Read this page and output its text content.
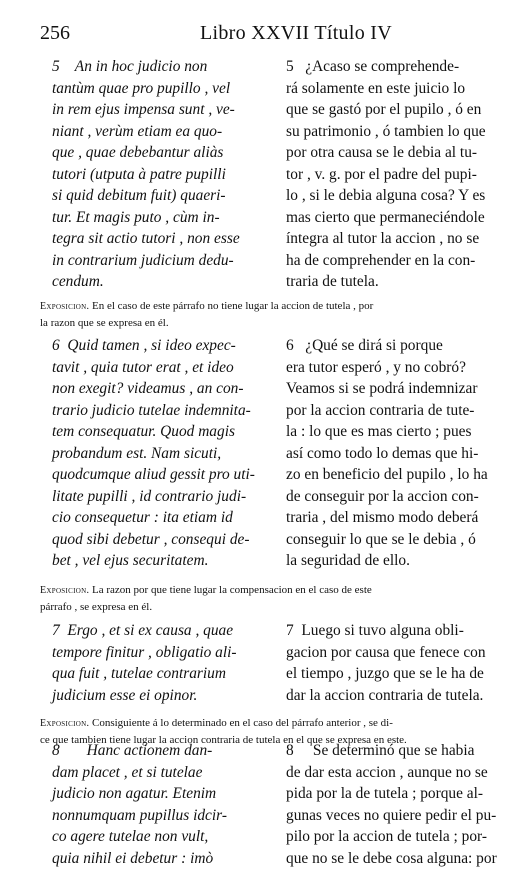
256	Libro XXVII Título IV
5    An in hoc judicio non
tantùm quae pro pupillo , vel
in rem ejus impensa sunt , ve-
niant , verùm etiam ea quo-
que , quae debebantur aliàs
tutori (utputa à patre pupilli
si quid debitum fuit) quaeri-
tur. Et magis puto , cùm in-
tegra sit actio tutori , non esse
in contrarium judicium dedu-
cendum.
5   ¿Acaso se comprehende-
rá solamente en este juicio lo
que se gastó por el pupilo , ó en
su patrimonio , ó tambien lo que
por otra causa se le debia al tu-
tor , v. g. por el padre del pupi-
lo , si le debia alguna cosa? Y es
mas cierto que permaneciéndole
íntegra al tutor la accion , no se
ha de comprehender en la con-
traria de tutela.
Exposicion. En el caso de este párrafo no tiene lugar la accion de tutela , por
la razon que se expresa en él.
6  Quid tamen , si ideo expec-
tavit , quia tutor erat , et ideo
non exegit? videamus , an con-
trario judicio tutelae indemnita-
tem consequatur. Quod magis
probandum est. Nam sicuti,
quodcumque aliud gessit pro uti-
litate pupilli , id contrario judi-
cio consequetur : ita etiam id
quod sibi debetur , consequi de-
bet , vel ejus securitatem.
6   ¿Qué se dirá si porque
era tutor esperó , y no cobró?
Veamos si se podrá indemnizar
por la accion contraria de tute-
la : lo que es mas cierto ; pues
así como todo lo demas que hi-
zo en beneficio del pupilo , lo ha
de conseguir por la accion con-
traria , del mismo modo deberá
conseguir lo que se le debia , ó
la seguridad de ello.
Exposicion. La razon por que tiene lugar la compensacion en el caso de este
párrafo , se expresa en él.
7  Ergo , et si ex causa , quae
tempore finitur , obligatio ali-
qua fuit , tutelae contrarium
judicium esse ei opinor.
7  Luego si tuvo alguna obli-
gacion por causa que fenece con
el tiempo , juzgo que se le ha de
dar la accion contraria de tutela.
Exposicion. Consiguiente á lo determinado en el caso del párrafo anterior , se di-
ce que tambien tiene lugar la accion contraria de tutela en el que se expresa en este.
8       Hanc actionem dan-
dam placet , et si tutelae
judicio non agatur. Etenim
nonnumquam pupillus idcir-
co agere tutelae non vult,
quia nihil ei debetur : imò
8     Se determinó que se habia
de dar esta accion , aunque no se
pida por la de tutela ; porque al-
gunas veces no quiere pedir el pu-
pilo por la accion de tutela ; por-
que no se le debe cosa alguna: por
